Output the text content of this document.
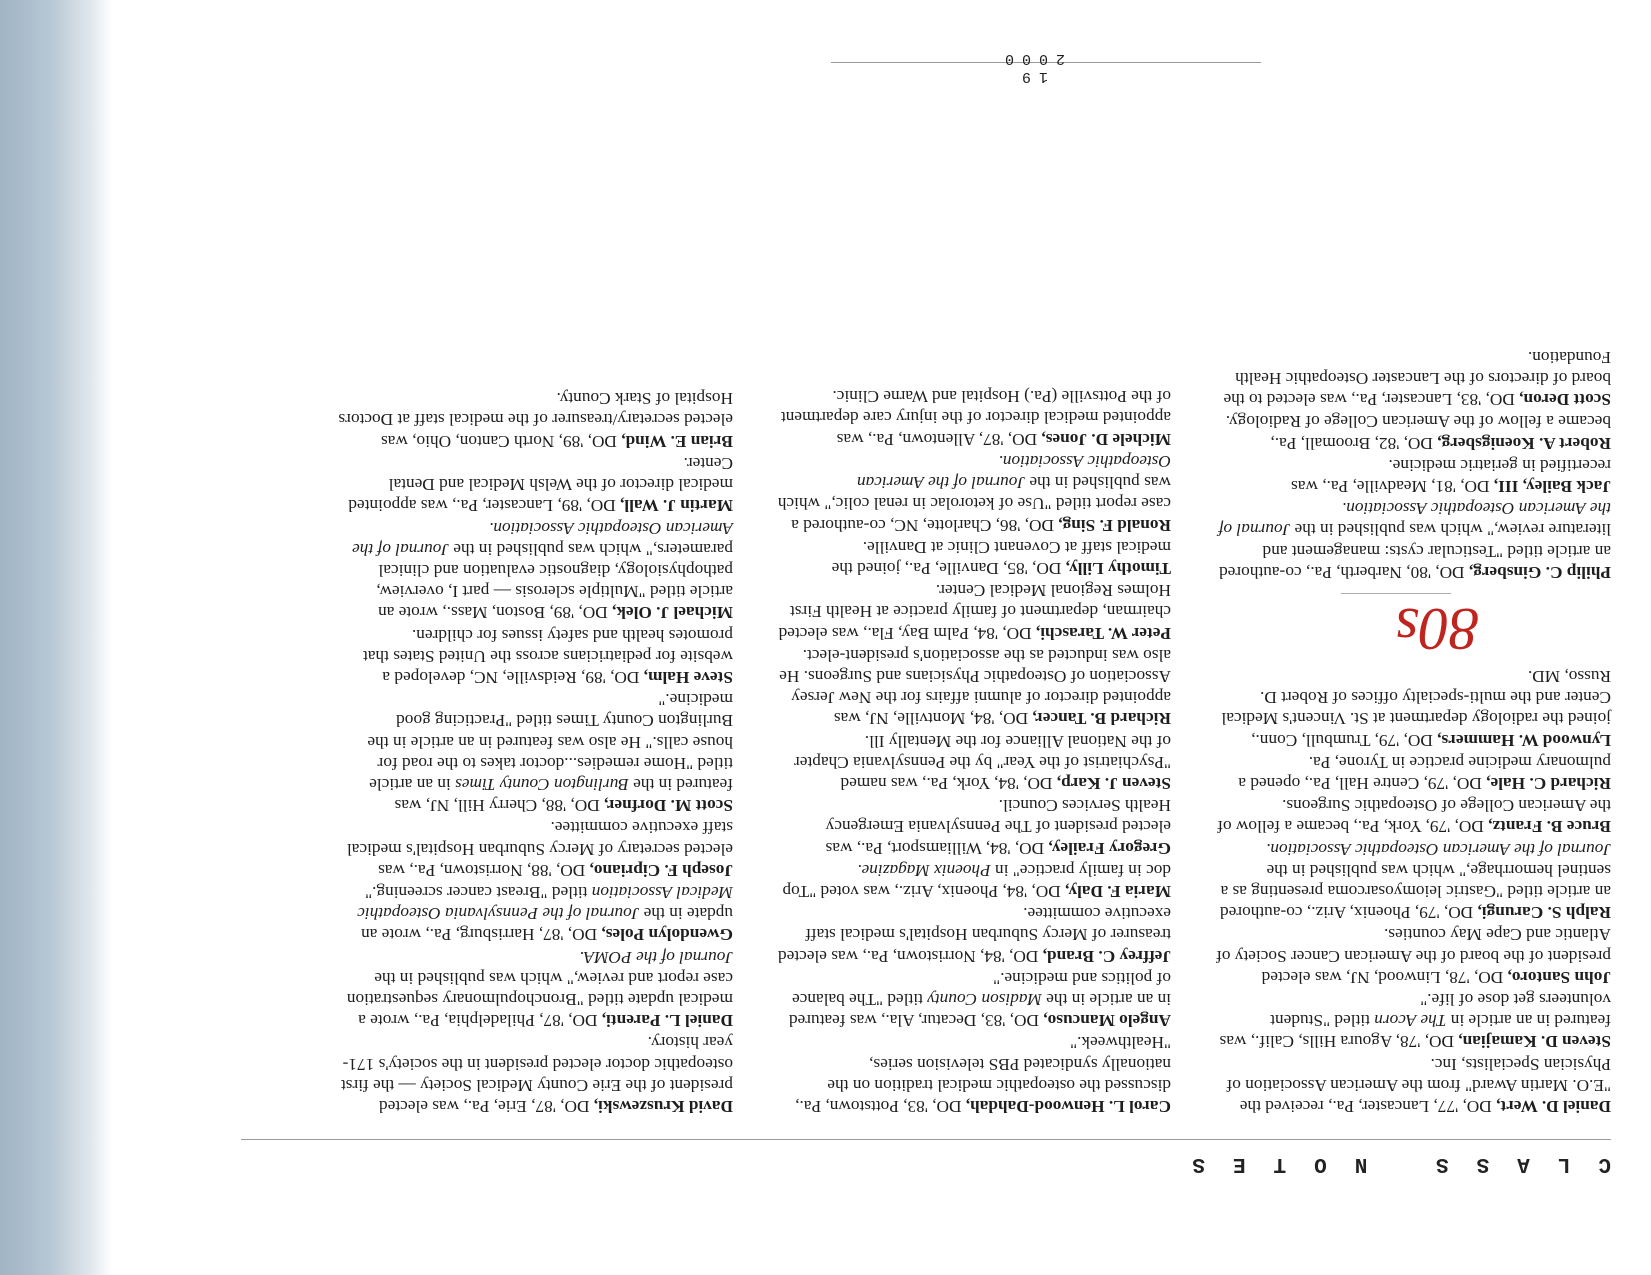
CLASS NOTES

Daniel D. Wert, DO, '77, Lancaster, Pa., received the "E.O. Martin Award" from the American Association of Physician Specialists, Inc.

Steven D. Kamajian, DO, '78, Agoura Hills, Calif., was featured in an article in The Acorn titled "Student volunteers get dose of life."

John Santoro, DO, '78, Linwood, NJ, was elected president of the board of the American Cancer Society of Atlantic and Cape May counties.

Ralph S. Carungi, DO, '79, Phoenix, Ariz., co-authored an article titled "Gastric leiomyosarcoma presenting as a sentinel hemorrhage," which was published in the Journal of the American Osteopathic Association.

Bruce B. Frantz, DO, '79, York, Pa., became a fellow of the American College of Osteopathic Surgeons.

Richard C. Hale, DO, '79, Centre Hall, Pa., opened a pulmonary medicine practice in Tyrone, Pa.

Lynwood W. Hammers, DO, '79, Trumbull, Conn., joined the radiology department at St. Vincent's Medical Center and the multi-specialty offices of Robert D. Russo, MD.

80s

Philip C. Ginsberg, DO, '80, Narberth, Pa., co-authored an article titled "Testicular cysts: management and literature review," which was published in the Journal of the American Osteopathic Association.

Jack Bailey, III, DO, '81, Meadville, Pa., was recertified in geriatric medicine.

Robert A. Koenigsberg, DO, '82, Broomall, Pa., became a fellow of the American College of Radiology.

Scott Deron, DO, '83, Lancaster, Pa., was elected to the board of directors of the Lancaster Osteopathic Health Foundation.

Carol L. Henwood-Dahdah, DO, '83, Pottstown, Pa., discussed the osteopathic medical tradition on the nationally syndicated PBS television series, "Healthweek."

Angelo Mancuso, DO, '83, Decatur, Ala., was featured in an article in the Madison County titled "The balance of politics and medicine."

Jeffrey C. Brand, DO, '84, Norristown, Pa., was elected treasurer of Mercy Suburban Hospital's medical staff executive committee.

Maria F. Daly, DO, '84, Phoenix, Ariz., was voted "Top doc in family practice" in Phoenix Magazine.

Gregory Frailey, DO, '84, Williamsport, Pa., was elected president of The Pennsylvania Emergency Health Services Council.

Steven J. Karp, DO, '84, York, Pa., was named "Psychiatrist of the Year" by the Pennsylvania Chapter of the National Alliance for the Mentally Ill.

Richard B. Tancer, DO, '84, Montville, NJ, was appointed director of alumni affairs for the New Jersey Association of Osteopathic Physicians and Surgeons. He also was inducted as the association's president-elect.

Peter W. Taraschi, DO, '84, Palm Bay, Fla., was elected chairman, department of family practice at Health First Holmes Regional Medical Center.

Timothy Lilly, DO, '85, Danville, Pa., joined the medical staff at Covenant Clinic at Danville.

Ronald F. Sing, DO, '86, Charlotte, NC, co-authored a case report titled "Use of ketorolac in renal colic," which was published in the Journal of the American Osteopathic Association.

Michele D. Jones, DO, '87, Allentown, Pa., was appointed medical director of the injury care department of the Pottsville (Pa.) Hospital and Warne Clinic.

David Kruszewski, DO, '87, Erie, Pa., was elected president of the Erie County Medical Society — the first osteopathic doctor elected president in the society's 171-year history.

Daniel L. Parenti, DO, '87, Philadelphia, Pa., wrote a medical update titled "Bronchopulmonary sequestration case report and review," which was published in the Journal of the POMA.

Gwendolyn Poles, DO, '87, Harrisburg, Pa., wrote an update in the Journal of the Pennsylvania Osteopathic Medical Association titled "Breast cancer screening."

Joseph F. Cipriano, DO, '88, Norristown, Pa., was elected secretary of Mercy Suburban Hospital's medical staff executive committee.

Scott M. Dorfner, DO, '88, Cherry Hill, NJ, was featured in the Burlington County Times in an article titled "Home remedies...doctor takes to the road for house calls." He also was featured in an article in the Burlington County Times titled "Practicing good medicine."

Steve Halm, DO, '89, Reidsville, NC, developed a website for pediatricians across the United States that promotes health and safety issues for children.

Michael J. Olek, DO, '89, Boston, Mass., wrote an article titled "Multiple sclerosis — part I, overview, pathophysiology, diagnostic evaluation and clinical parameters," which was published in the Journal of the American Osteopathic Association.

Martin J. Wall, DO, '89, Lancaster, Pa., was appointed medical director of the Welsh Medical and Dental Center.

Brian E. Wind, DO, '89, North Canton, Ohio, was elected secretary/treasurer of the medical staff at Doctors Hospital of Stark County.

19
2000
